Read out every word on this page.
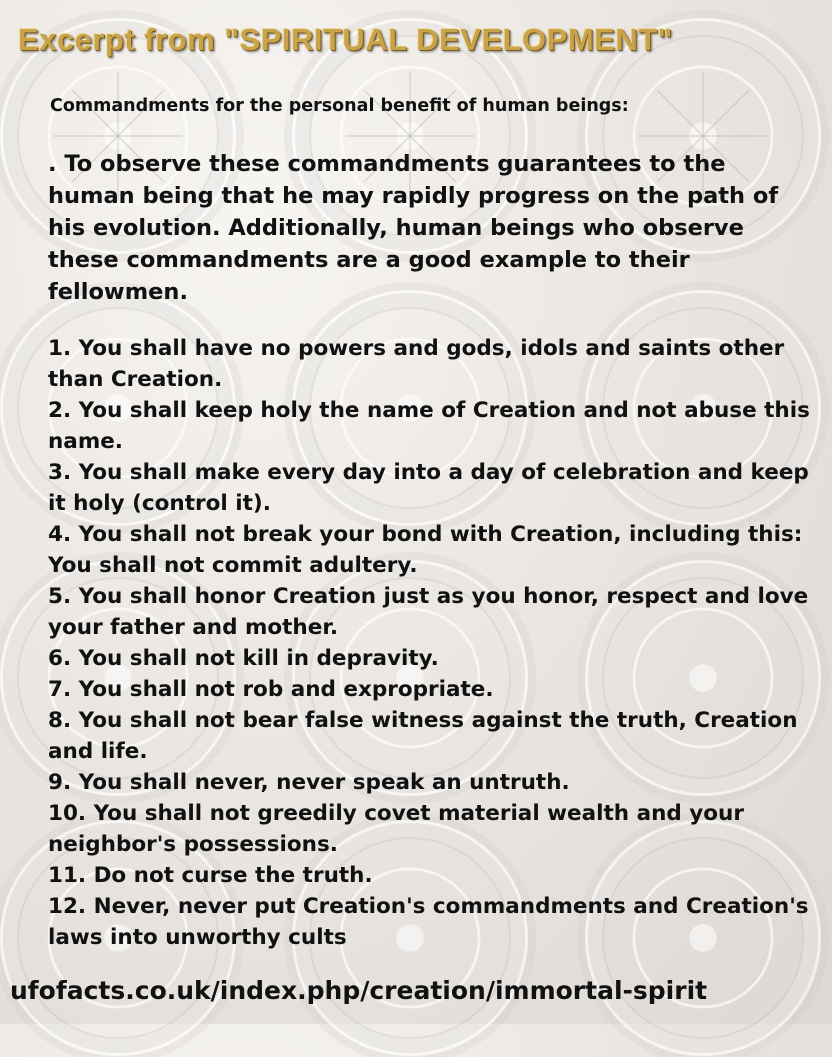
Excerpt from "SPIRITUAL DEVELOPMENT"
Commandments for the personal benefit of human beings:
. To observe these commandments guarantees to the human being that he may rapidly progress on the path of his evolution. Additionally, human beings who observe these commandments are a good example to their fellowmen.
1. You shall have no powers and gods, idols and saints other than Creation.
2. You shall keep holy the name of Creation and not abuse this name.
3. You shall make every day into a day of celebration and keep it holy (control it).
4. You shall not break your bond with Creation, including this: You shall not commit adultery.
5. You shall honor Creation just as you honor, respect and love your father and mother.
6. You shall not kill in depravity.
7. You shall not rob and expropriate.
8. You shall not bear false witness against the truth, Creation and life.
9. You shall never, never speak an untruth.
10. You shall not greedily covet material wealth and your neighbor's possessions.
11. Do not curse the truth.
12. Never, never put Creation's commandments and Creation's laws into unworthy cults
ufofacts.co.uk/index.php/creation/immortal-spirit
